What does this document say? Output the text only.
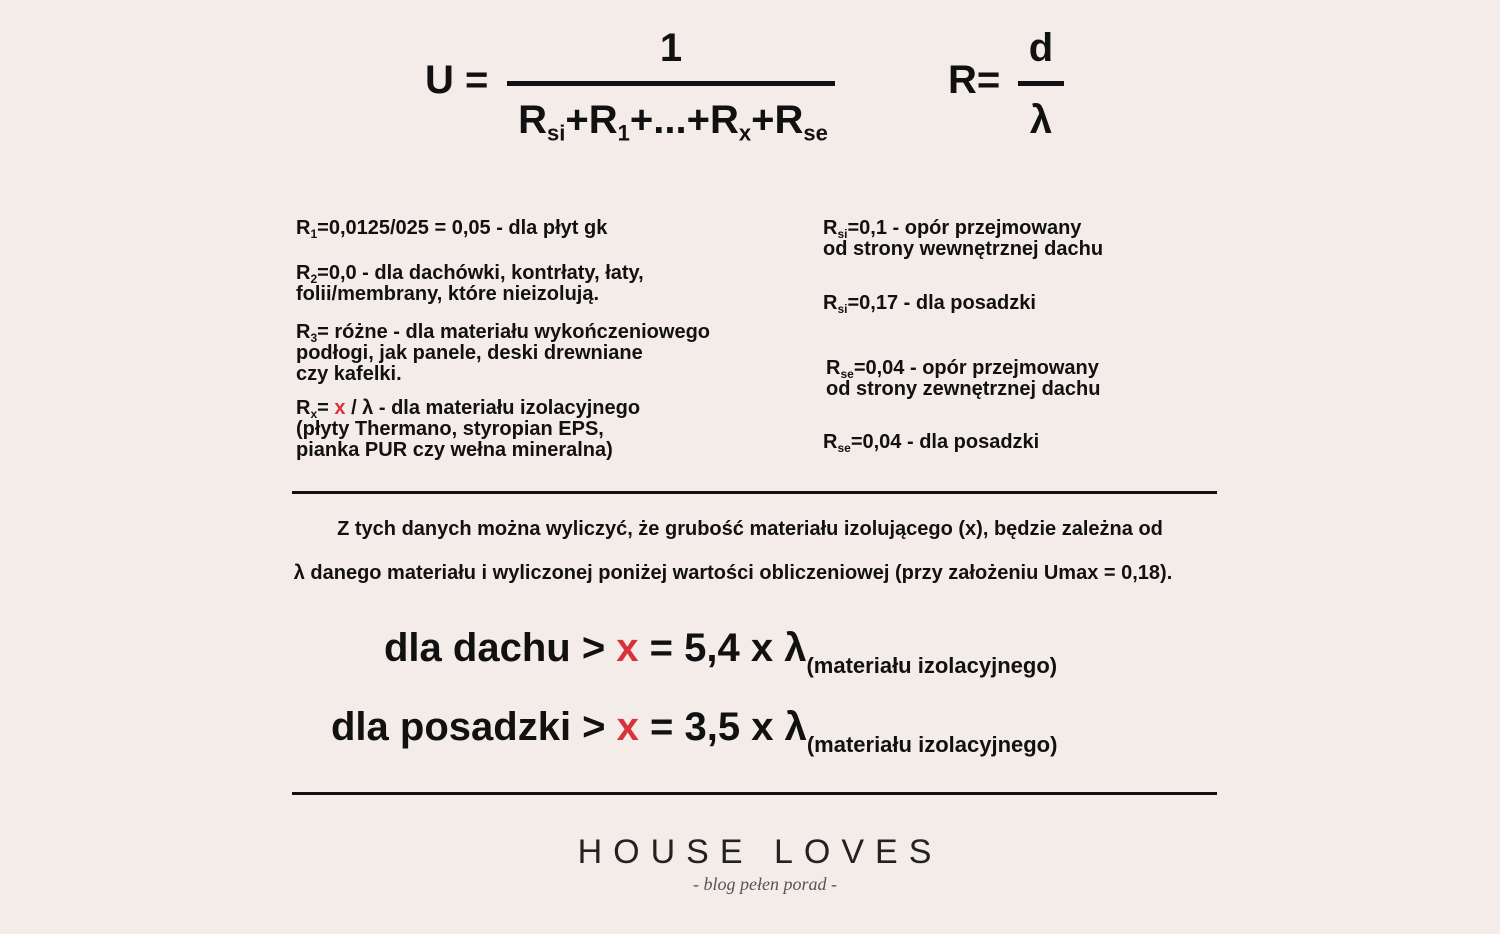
U =
1
$R_{si}+R_1+...+R_x+R_{se}$
R=
d
λ
$R_1=0,0125/025 = 0,05$ - dla płyt gk
$R_2=0,0$ - dla dachówki, kontrłaty, łaty,
folii/membrany, które nieizolują.
$R_3=$ różne - dla materiału wykończeniowego
podłogi, jak panele, deski drewniane
czy kafelki.
$R_x= x / \lambda$ - dla materiału izolacyjnego
(płyty Thermano, styropian EPS,
pianka PUR czy wełna mineralna)
$R_{si}=0,1$ - opór przejmowany
od strony wewnętrznej dachu
$R_{si}=0,17$ - dla posadzki
$R_{se}=0,04$ - opór przejmowany
od strony zewnętrznej dachu
$R_{se}=0,04$ - dla posadzki
Z tych danych można wyliczyć, że grubość materiału izolującego (x), będzie zależna od
λ danego materiału i wyliczonej poniżej wartości obliczeniowej (przy założeniu Umax = 0,18).
dla dachu > x = 5,4 x $\lambda_{(materiału izolacyjnego)}$
dla posadzki > x = 3,5 x $\lambda_{(materiału izolacyjnego)}$
HOUSE LOVES
- blog pełen porad -
